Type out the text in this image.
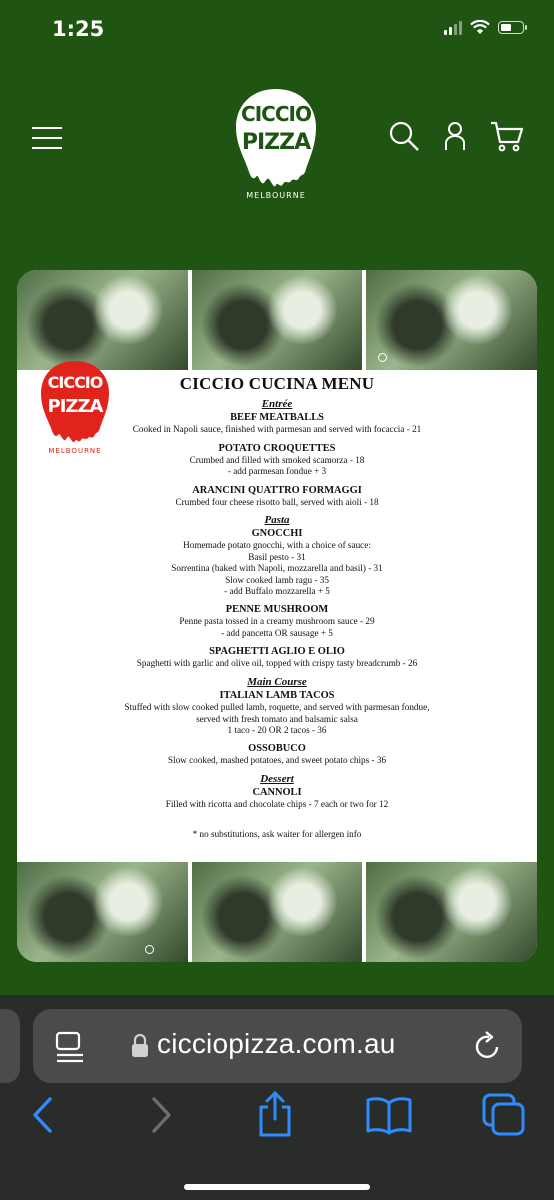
1:25
CICCIO
PIZZA
MELBOURNE
CICCIO
PIZZA
MELBOURNE
CICCIO CUCINA MENU
Entrée
BEEF MEATBALLS
Cooked in Napoli sauce, finished with parmesan and served with focaccia - 21
POTATO CROQUETTES
Crumbed and filled with smoked scamorza - 18
- add parmesan fondue + 3
ARANCINI QUATTRO FORMAGGI
Crumbed four cheese risotto ball, served with aioli - 18
Pasta
GNOCCHI
Homemade potato gnocchi, with a choice of sauce:
Basil pesto - 31
Sorrentina (baked with Napoli, mozzarella and basil) - 31
Slow cooked lamb ragu - 35
- add Buffalo mozzarella + 5
PENNE MUSHROOM
Penne pasta tossed in a creamy mushroom sauce - 29
- add pancetta OR sausage + 5
SPAGHETTI AGLIO E OLIO
Spaghetti with garlic and olive oil, topped with crispy tasty breadcrumb - 26
Main Course
ITALIAN LAMB TACOS
Stuffed with slow cooked pulled lamb, roquette, and served with parmesan fondue,
served with fresh tomato and balsamic salsa
1 taco - 20 OR 2 tacos - 36
OSSOBUCO
Slow cooked, mashed potatoes, and sweet potato chips - 36
Dessert
CANNOLI
Filled with ricotta and chocolate chips - 7 each or two for 12
* no substitutions, ask waiter for allergen info
cicciopizza.com.au
